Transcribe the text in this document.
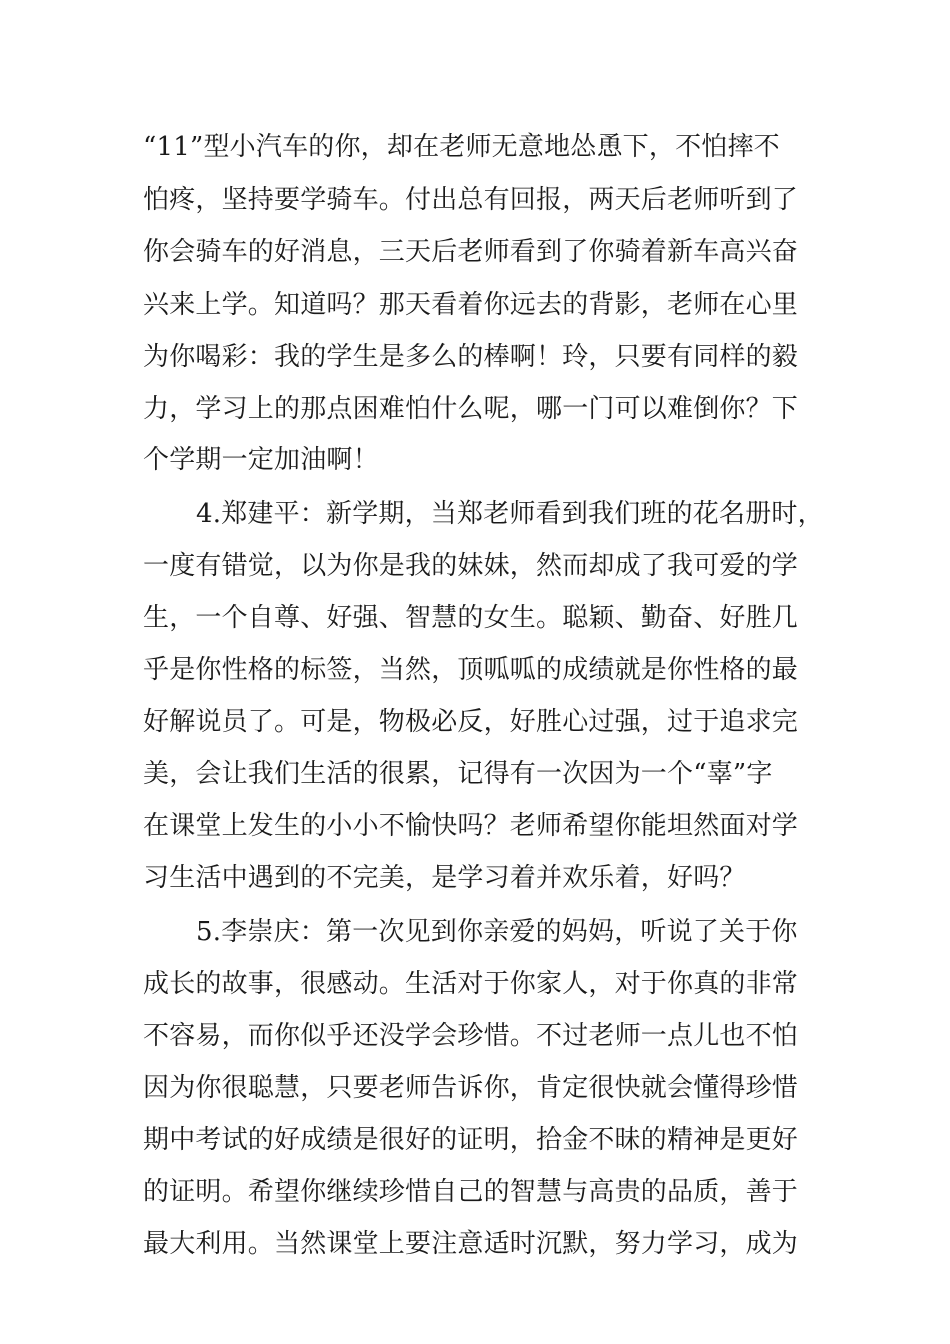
“11”型小汽车的你，却在老师无意地怂恿下，不怕摔不
怕疼，坚持要学骑车。付出总有回报，两天后老师听到了
你会骑车的好消息，三天后老师看到了你骑着新车高兴奋
兴来上学。知道吗？那天看着你远去的背影，老师在心里
为你喝彩：我的学生是多么的棒啊！玲，只要有同样的毅
力，学习上的那点困难怕什么呢，哪一门可以难倒你？下
个学期一定加油啊！
4.郑建平：新学期，当郑老师看到我们班的花名册时，
一度有错觉，以为你是我的妹妹，然而却成了我可爱的学
生，一个自尊、好强、智慧的女生。聪颖、勤奋、好胜几
乎是你性格的标签，当然，顶呱呱的成绩就是你性格的最
好解说员了。可是，物极必反，好胜心过强，过于追求完
美，会让我们生活的很累，记得有一次因为一个“辜”字
在课堂上发生的小小不愉快吗？老师希望你能坦然面对学
习生活中遇到的不完美，是学习着并欢乐着，好吗？
5.李崇庆：第一次见到你亲爱的妈妈，听说了关于你
成长的故事，很感动。生活对于你家人，对于你真的非常
不容易，而你似乎还没学会珍惜。不过老师一点儿也不怕
因为你很聪慧，只要老师告诉你，肯定很快就会懂得珍惜
期中考试的好成绩是很好的证明，拾金不昧的精神是更好
的证明。希望你继续珍惜自己的智慧与高贵的品质，善于
最大利用。当然课堂上要注意适时沉默，努力学习，成为
